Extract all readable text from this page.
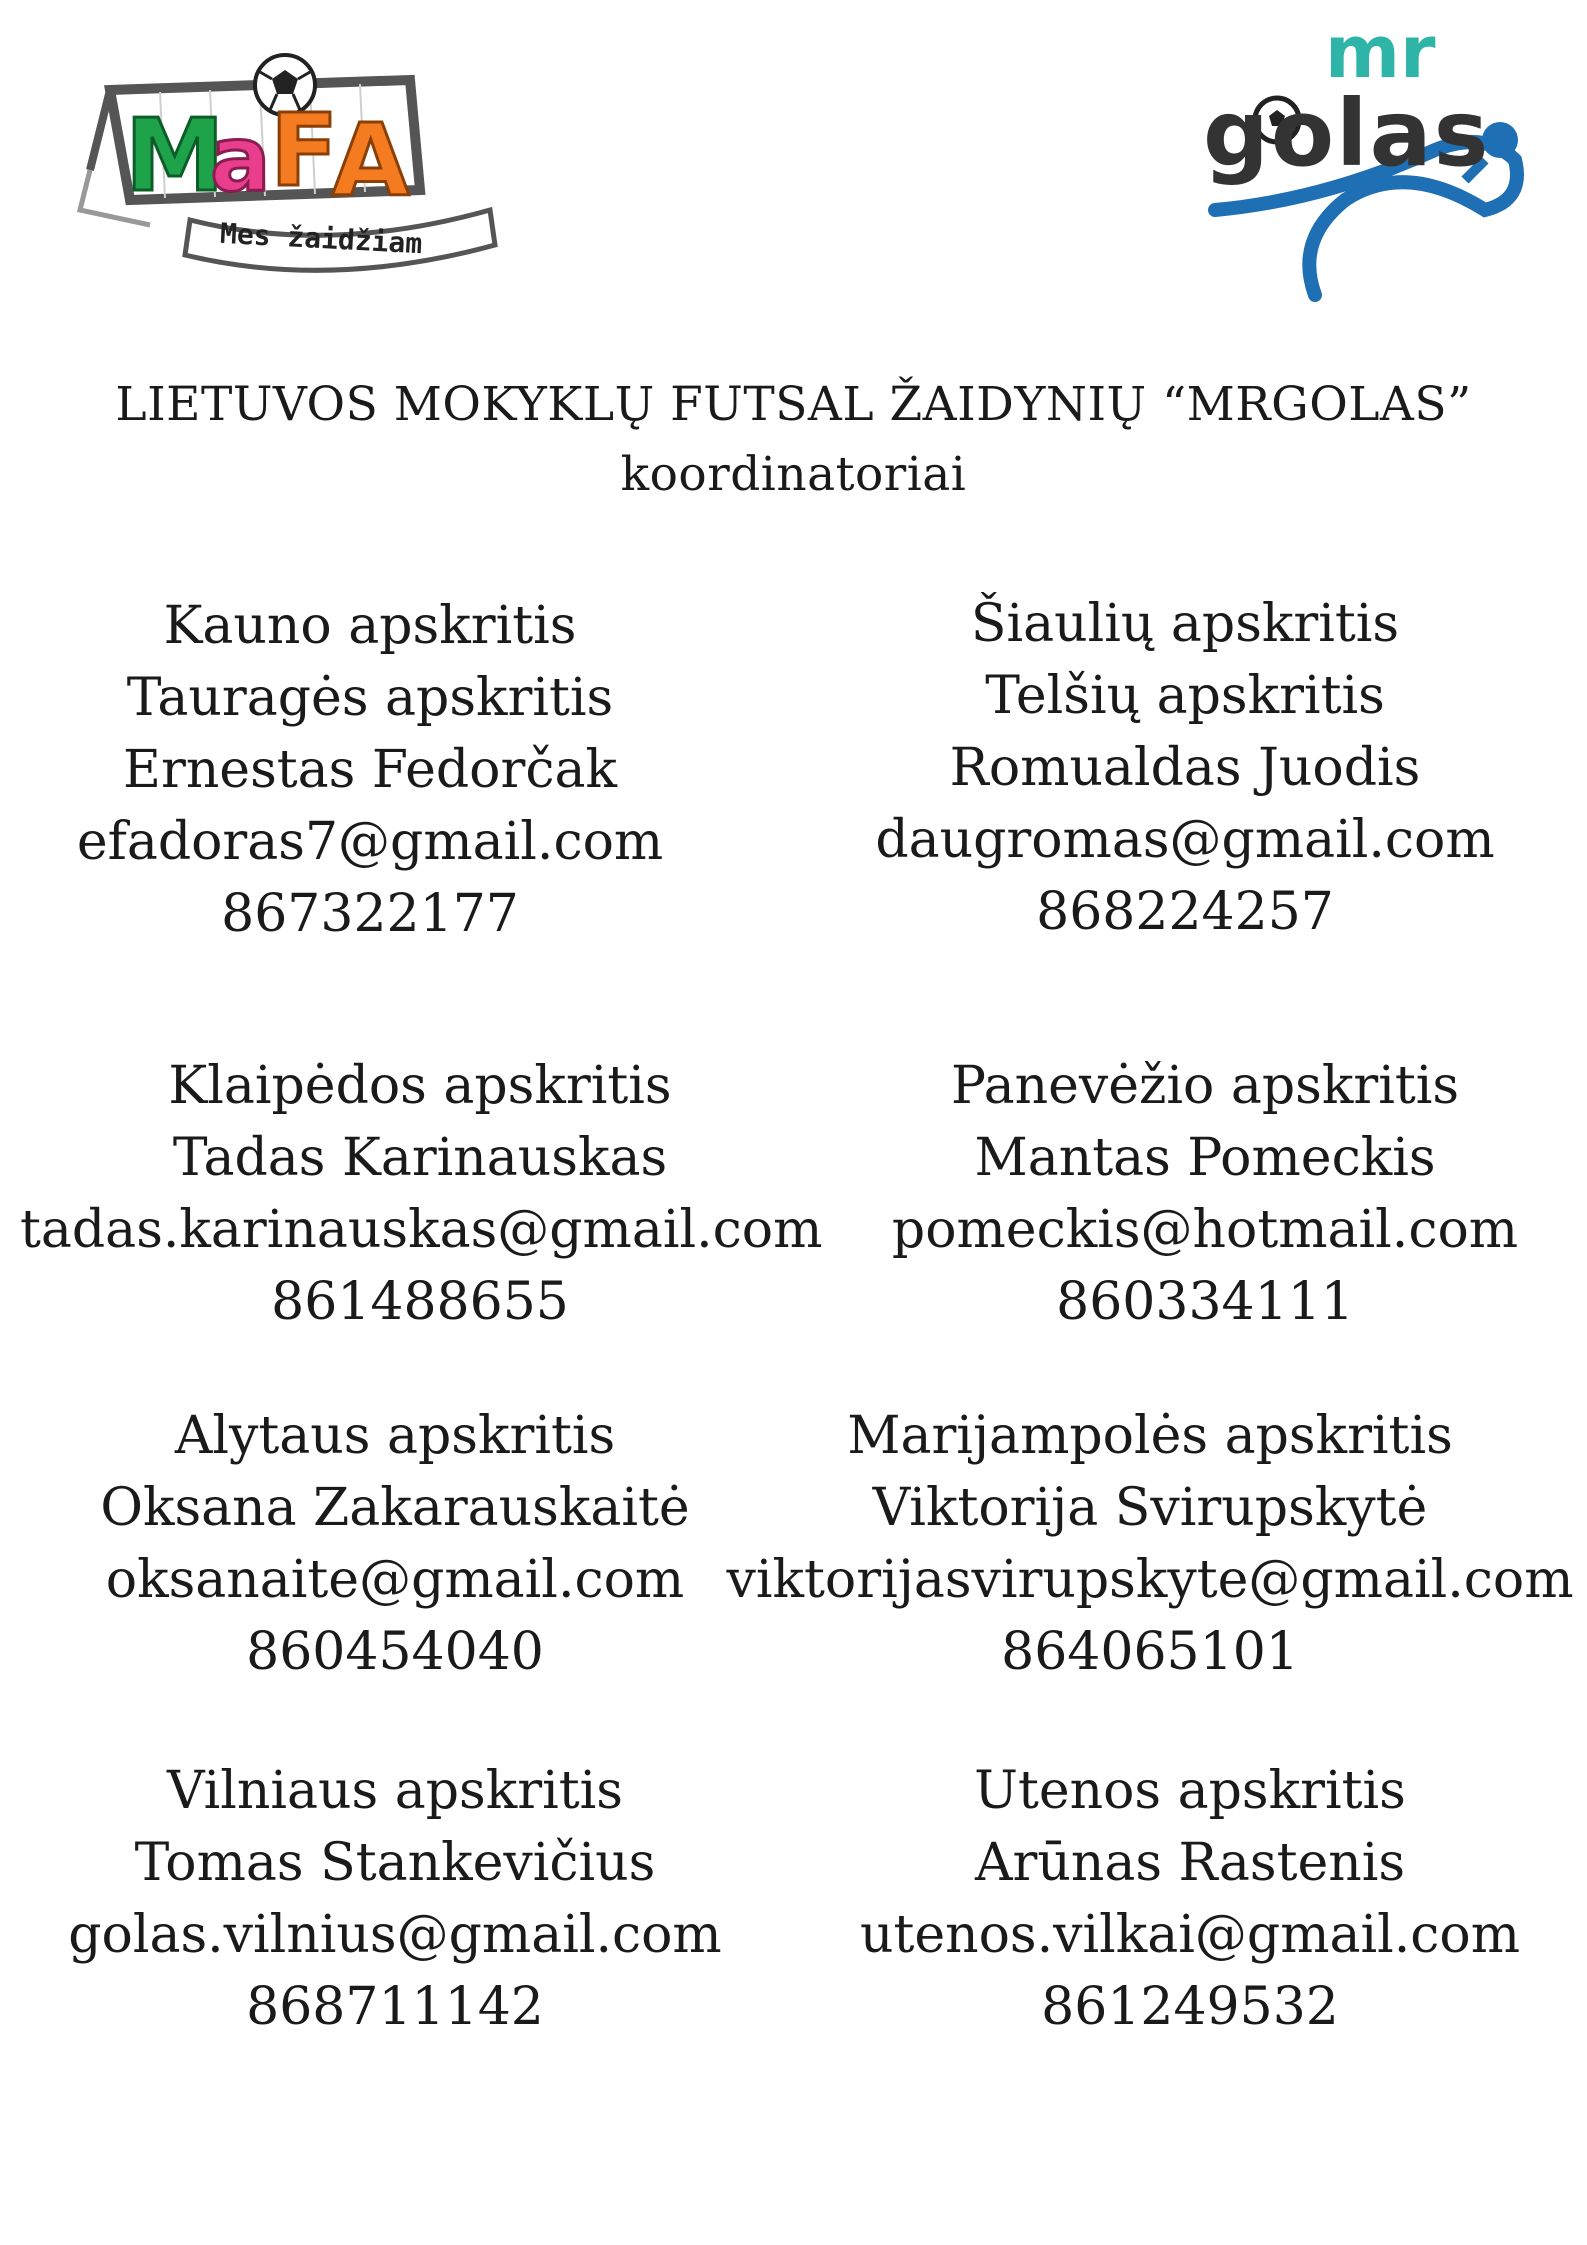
M
a F
A
Mes žaidžiam
mr
golas
LIETUVOS MOKYKLŲ FUTSAL ŽAIDYNIŲ “MRGOLAS”
koordinatoriai
Kauno apskritis
Tauragės apskritis
Ernestas Fedorčak
efadoras7@gmail.com
867322177
Šiaulių apskritis
Telšių apskritis
Romualdas Juodis
daugromas@gmail.com
868224257
Klaipėdos apskritis
Tadas Karinauskas
tadas.karinauskas@gmail.com
861488655
Panevėžio apskritis
Mantas Pomeckis
pomeckis@hotmail.com
860334111
Alytaus apskritis
Oksana Zakarauskaitė
oksanaite@gmail.com
860454040
Marijampolės apskritis
Viktorija Svirupskytė
viktorijasvirupskyte@gmail.com
864065101
Vilniaus apskritis
Tomas Stankevičius
golas.vilnius@gmail.com
868711142
Utenos apskritis
Arūnas Rastenis
utenos.vilkai@gmail.com
861249532
